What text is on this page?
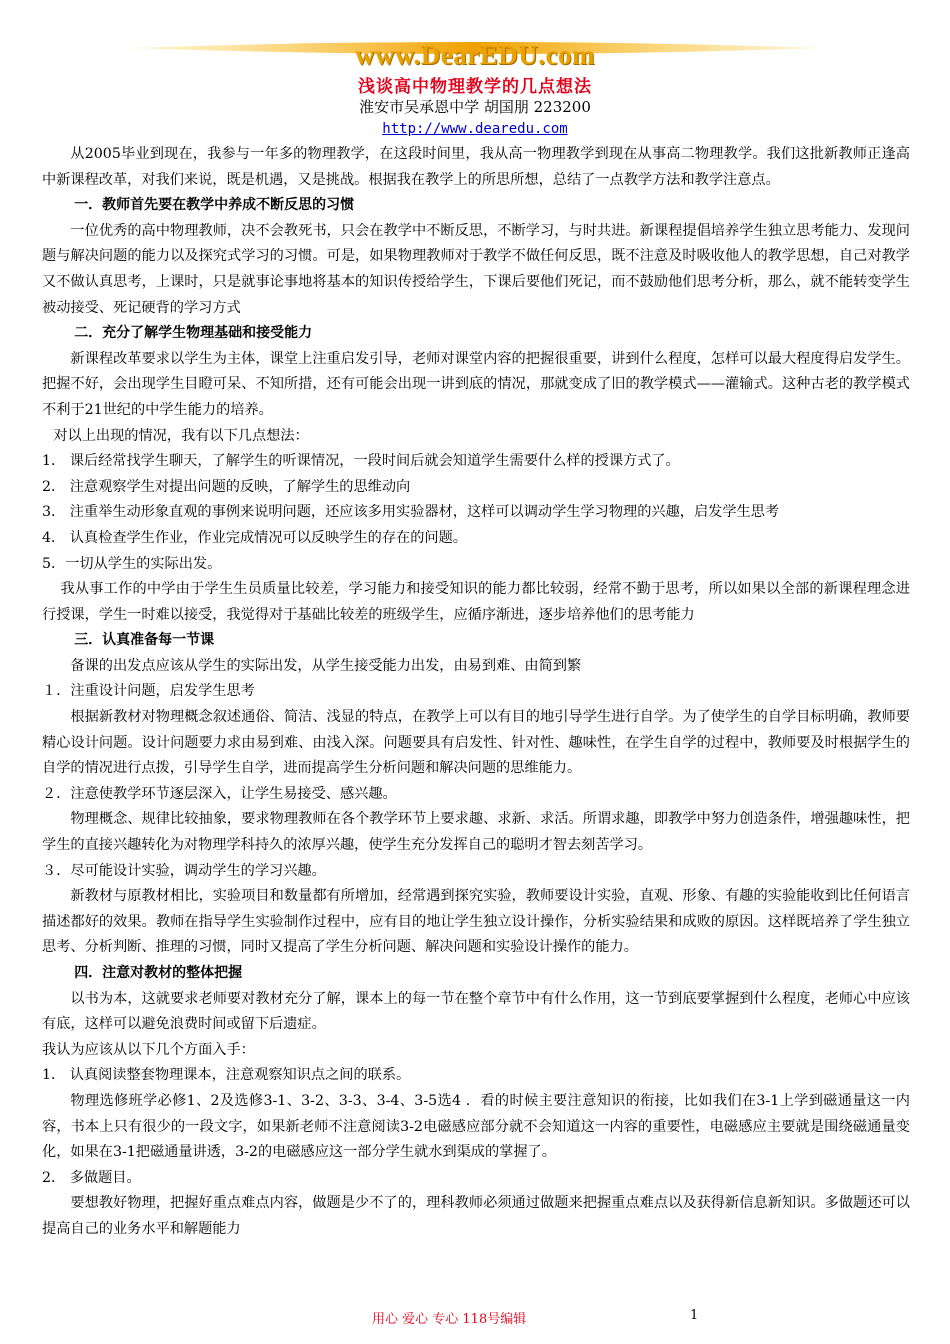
www.DearEDU.com
浅谈高中物理教学的几点想法
淮安市吴承恩中学 胡国朋 223200
http://www.dearedu.com

从2005毕业到现在，我参与一年多的物理教学，在这段时间里，我从高一物理教学到现在从事高二物理教学。我们这批新教师正逢高中新课程改革，对我们来说，既是机遇，又是挑战。根据我在教学上的所思所想，总结了一点教学方法和教学注意点。

一．教师首先要在教学中养成不断反思的习惯

一位优秀的高中物理教师，决不会教死书，只会在教学中不断反思，不断学习，与时共进。新课程提倡培养学生独立思考能力、发现问题与解决问题的能力以及探究式学习的习惯。可是，如果物理教师对于教学不做任何反思，既不注意及时吸收他人的教学思想，自己对教学又不做认真思考，上课时，只是就事论事地将基本的知识传授给学生，下课后要他们死记，而不鼓励他们思考分析，那么，就不能转变学生被动接受、死记硬背的学习方式

二．充分了解学生物理基础和接受能力

新课程改革要求以学生为主体，课堂上注重启发引导，老师对课堂内容的把握很重要，讲到什么程度，怎样可以最大程度得启发学生。把握不好，会出现学生目瞪可呆、不知所措，还有可能会出现一讲到底的情况，那就变成了旧的教学模式——灌输式。这种古老的教学模式不利于21世纪的中学生能力的培养。

对以上出现的情况，我有以下几点想法：

1． 课后经常找学生聊天，了解学生的听课情况，一段时间后就会知道学生需要什么样的授课方式了。

2． 注意观察学生对提出问题的反映，了解学生的思维动向

3． 注重举生动形象直观的事例来说明问题，还应该多用实验器材，这样可以调动学生学习物理的兴趣，启发学生思考

4． 认真检查学生作业，作业完成情况可以反映学生的存在的问题。

5．一切从学生的实际出发。

我从事工作的中学由于学生生员质量比较差，学习能力和接受知识的能力都比较弱，经常不勤于思考，所以如果以全部的新课程理念进行授课，学生一时难以接受，我觉得对于基础比较差的班级学生，应循序渐进，逐步培养他们的思考能力

三．认真准备每一节课

备课的出发点应该从学生的实际出发，从学生接受能力出发，由易到难、由简到繁

１．注重设计问题，启发学生思考

根据新教材对物理概念叙述通俗、简洁、浅显的特点，在教学上可以有目的地引导学生进行自学。为了使学生的自学目标明确，教师要精心设计问题。设计问题要力求由易到难、由浅入深。问题要具有启发性、针对性、趣味性，在学生自学的过程中，教师要及时根据学生的自学的情况进行点拨，引导学生自学，进而提高学生分析问题和解决问题的思维能力。

２．注意使教学环节逐层深入，让学生易接受、感兴趣。

物理概念、规律比较抽象，要求物理教师在各个教学环节上要求趣、求新、求活。所谓求趣，即教学中努力创造条件，增强趣味性，把学生的直接兴趣转化为对物理学科持久的浓厚兴趣，使学生充分发挥自己的聪明才智去刻苦学习。

３．尽可能设计实验，调动学生的学习兴趣。

新教材与原教材相比，实验项目和数量都有所增加，经常遇到探究实验，教师要设计实验，直观、形象、有趣的实验能收到比任何语言描述都好的效果。教师在指导学生实验制作过程中，应有目的地让学生独立设计操作，分析实验结果和成败的原因。这样既培养了学生独立思考、分析判断、推理的习惯，同时又提高了学生分析问题、解决问题和实验设计操作的能力。

四．注意对教材的整体把握

以书为本，这就要求老师要对教材充分了解，课本上的每一节在整个章节中有什么作用，这一节到底要掌握到什么程度，老师心中应该有底，这样可以避免浪费时间或留下后遗症。

我认为应该从以下几个方面入手：

1． 认真阅读整套物理课本，注意观察知识点之间的联系。

物理选修班学必修1、2及选修3-1、3-2、3-3、3-4、3-5选4 ．看的时候主要注意知识的衔接，比如我们在3-1上学到磁通量这一内容，书本上只有很少的一段文字，如果新老师不注意阅读3-2电磁感应部分就不会知道这一内容的重要性，电磁感应主要就是围绕磁通量变化，如果在3-1把磁通量讲透，3-2的电磁感应这一部分学生就水到渠成的掌握了。

2． 多做题目。

要想教好物理，把握好重点难点内容，做题是少不了的，理科教师必须通过做题来把握重点难点以及获得新信息新知识。多做题还可以提高自己的业务水平和解题能力

用心 爱心 专心 118号编辑	1
